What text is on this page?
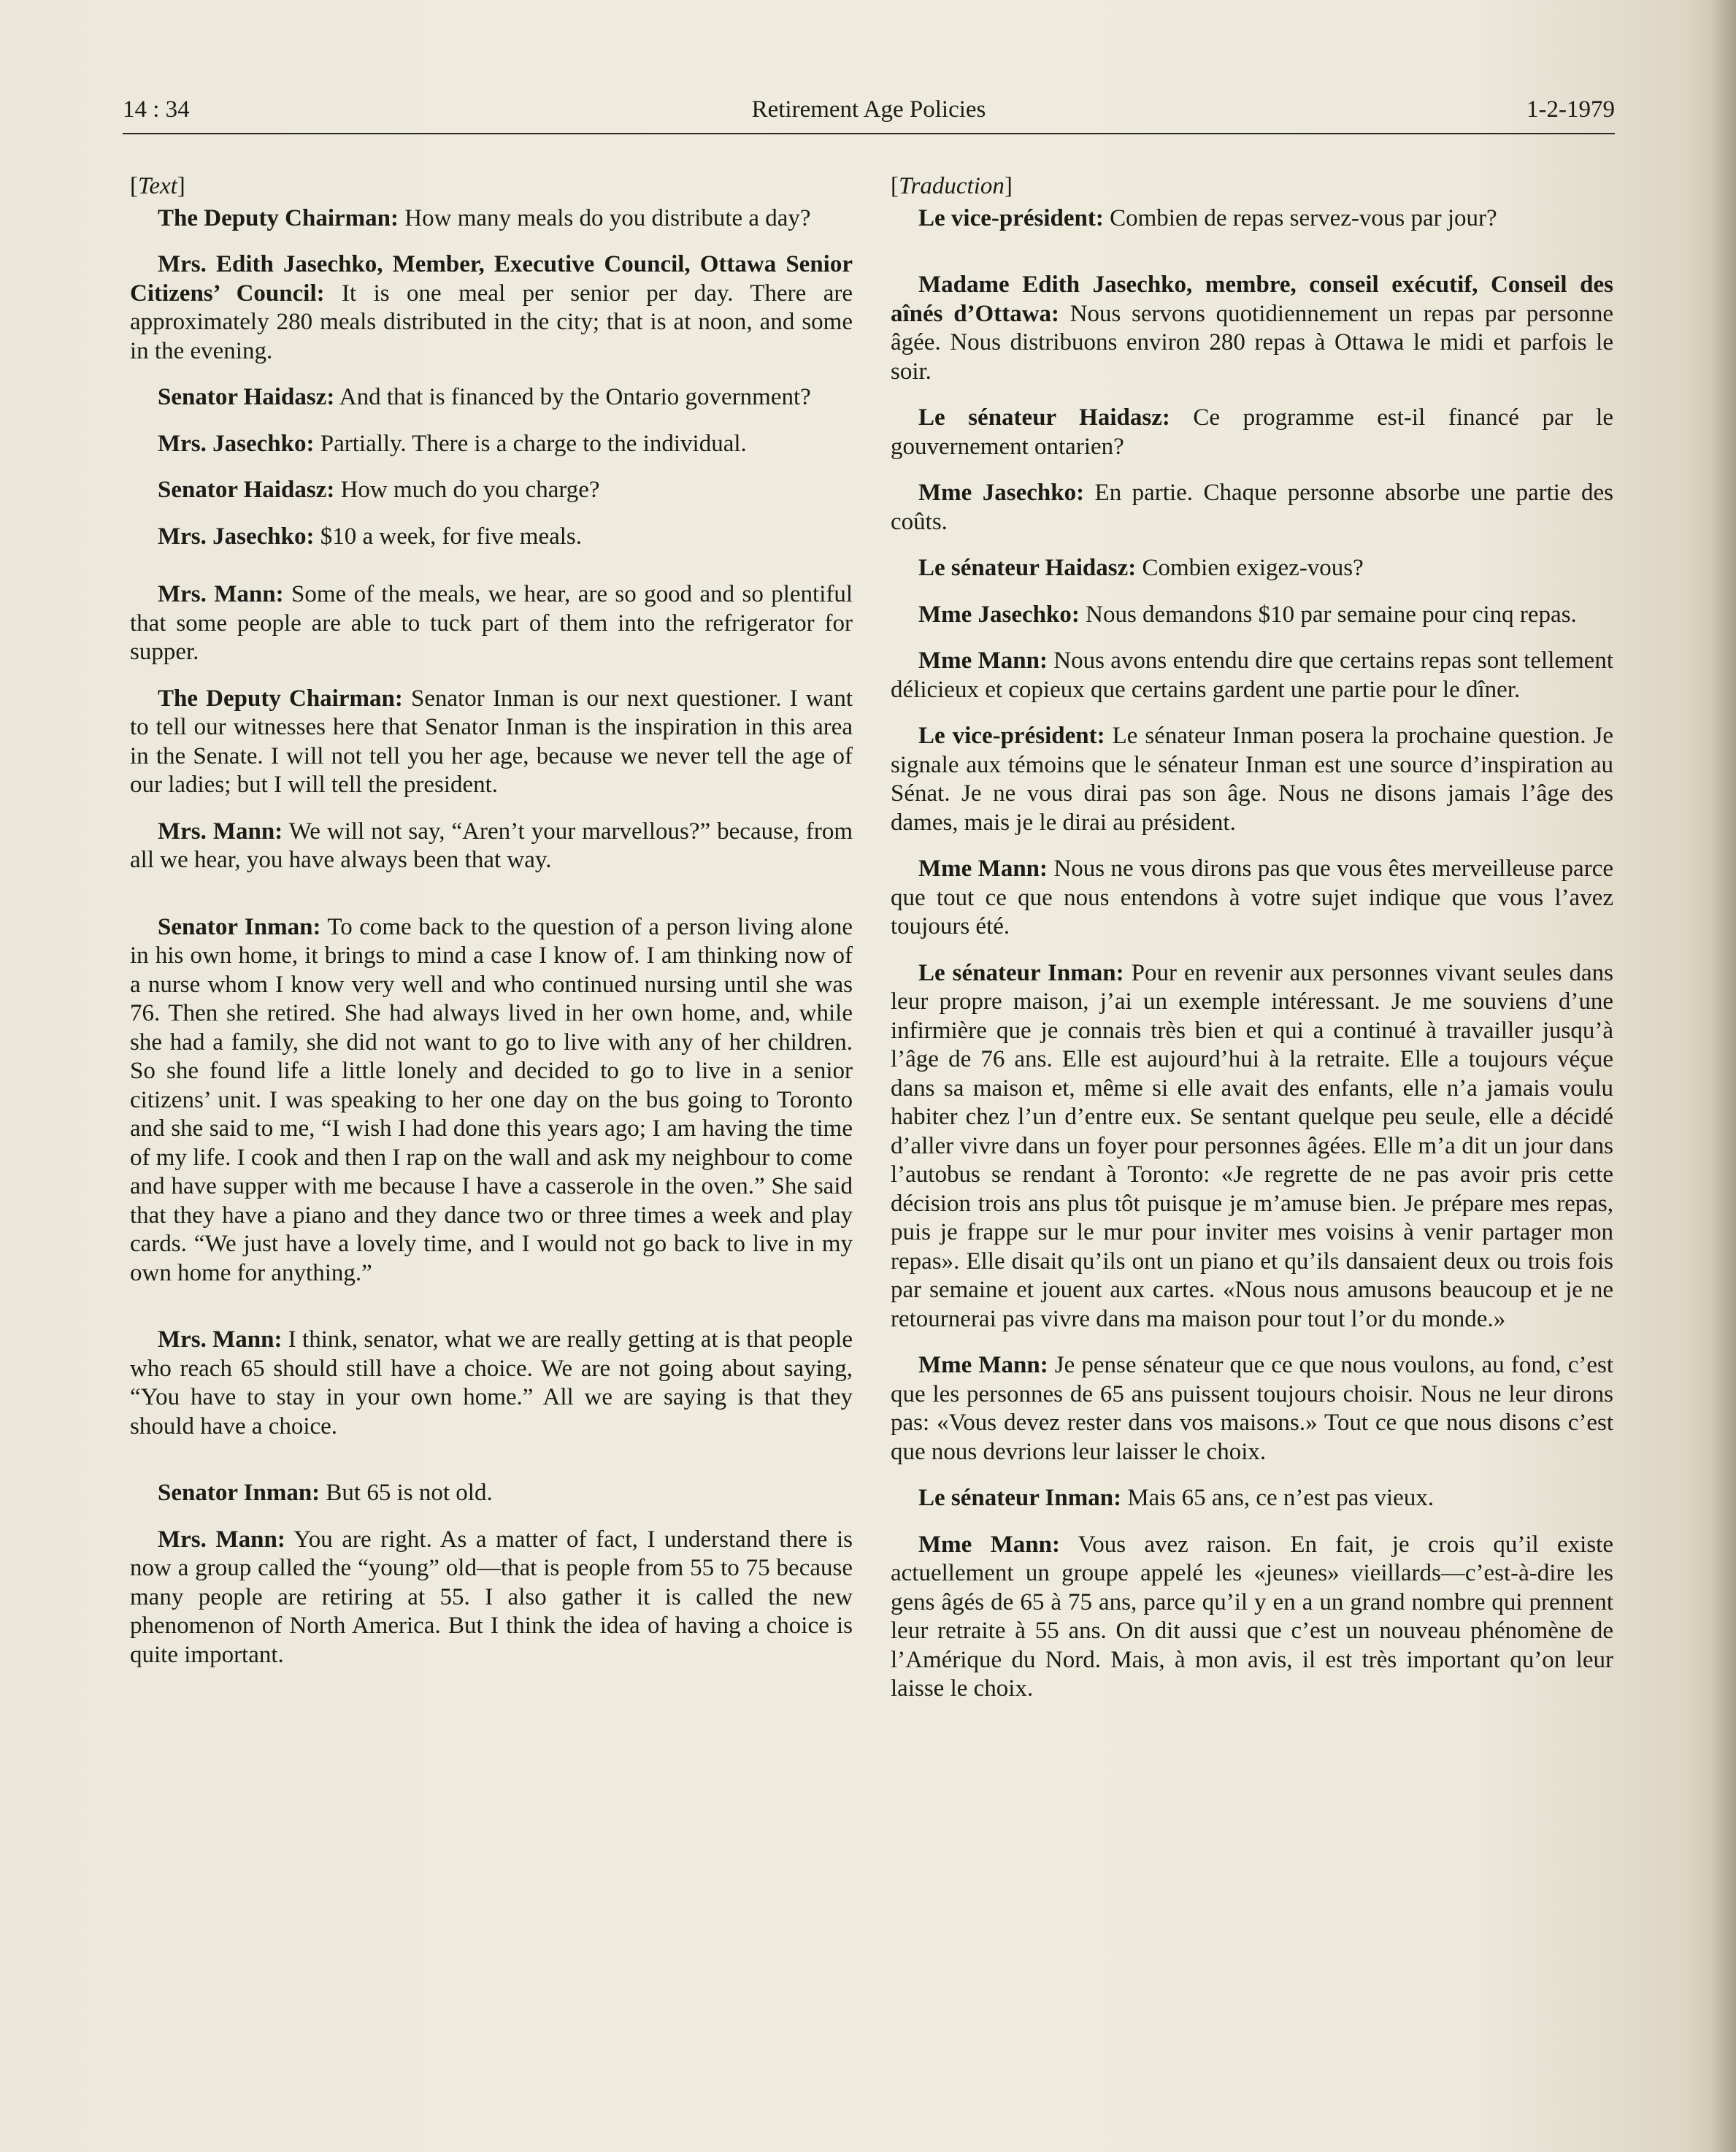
14 : 34	Retirement Age Policies	1-2-1979

[Text]

The Deputy Chairman: How many meals do you distribute a day?

Mrs. Edith Jasechko, Member, Executive Council, Ottawa Senior Citizens’ Council: It is one meal per senior per day. There are approximately 280 meals distributed in the city; that is at noon, and some in the evening.

Senator Haidasz: And that is financed by the Ontario government?

Mrs. Jasechko: Partially. There is a charge to the individual.

Senator Haidasz: How much do you charge?

Mrs. Jasechko: $10 a week, for five meals.

Mrs. Mann: Some of the meals, we hear, are so good and so plentiful that some people are able to tuck part of them into the refrigerator for supper.

The Deputy Chairman: Senator Inman is our next questioner. I want to tell our witnesses here that Senator Inman is the inspiration in this area in the Senate. I will not tell you her age, because we never tell the age of our ladies; but I will tell the president.

Mrs. Mann: We will not say, “Aren’t your marvellous?” because, from all we hear, you have always been that way.

Senator Inman: To come back to the question of a person living alone in his own home, it brings to mind a case I know of. I am thinking now of a nurse whom I know very well and who continued nursing until she was 76. Then she retired. She had always lived in her own home, and, while she had a family, she did not want to go to live with any of her children. So she found life a little lonely and decided to go to live in a senior citizens’ unit. I was speaking to her one day on the bus going to Toronto and she said to me, “I wish I had done this years ago; I am having the time of my life. I cook and then I rap on the wall and ask my neighbour to come and have supper with me because I have a casserole in the oven.” She said that they have a piano and they dance two or three times a week and play cards. “We just have a lovely time, and I would not go back to live in my own home for anything.”

Mrs. Mann: I think, senator, what we are really getting at is that people who reach 65 should still have a choice. We are not going about saying, “You have to stay in your own home.” All we are saying is that they should have a choice.

Senator Inman: But 65 is not old.

Mrs. Mann: You are right. As a matter of fact, I understand there is now a group called the “young” old—that is people from 55 to 75 because many people are retiring at 55. I also gather it is called the new phenomenon of North America. But I think the idea of having a choice is quite important.

[Traduction]

Le vice-président: Combien de repas servez-vous par jour?

Madame Edith Jasechko, membre, conseil exécutif, Conseil des aînés d’Ottawa: Nous servons quotidiennement un repas par personne âgée. Nous distribuons environ 280 repas à Ottawa le midi et parfois le soir.

Le sénateur Haidasz: Ce programme est-il financé par le gouvernement ontarien?

Mme Jasechko: En partie. Chaque personne absorbe une partie des coûts.

Le sénateur Haidasz: Combien exigez-vous?

Mme Jasechko: Nous demandons $10 par semaine pour cinq repas.

Mme Mann: Nous avons entendu dire que certains repas sont tellement délicieux et copieux que certains gardent une partie pour le dîner.

Le vice-président: Le sénateur Inman posera la prochaine question. Je signale aux témoins que le sénateur Inman est une source d’inspiration au Sénat. Je ne vous dirai pas son âge. Nous ne disons jamais l’âge des dames, mais je le dirai au président.

Mme Mann: Nous ne vous dirons pas que vous êtes merveilleuse parce que tout ce que nous entendons à votre sujet indique que vous l’avez toujours été.

Le sénateur Inman: Pour en revenir aux personnes vivant seules dans leur propre maison, j’ai un exemple intéressant. Je me souviens d’une infirmière que je connais très bien et qui a continué à travailler jusqu’à l’âge de 76 ans. Elle est aujourd’hui à la retraite. Elle a toujours véçue dans sa maison et, même si elle avait des enfants, elle n’a jamais voulu habiter chez l’un d’entre eux. Se sentant quelque peu seule, elle a décidé d’aller vivre dans un foyer pour personnes âgées. Elle m’a dit un jour dans l’autobus se rendant à Toronto: «Je regrette de ne pas avoir pris cette décision trois ans plus tôt puisque je m’amuse bien. Je prépare mes repas, puis je frappe sur le mur pour inviter mes voisins à venir partager mon repas». Elle disait qu’ils ont un piano et qu’ils dansaient deux ou trois fois par semaine et jouent aux cartes. «Nous nous amusons beaucoup et je ne retournerai pas vivre dans ma maison pour tout l’or du monde.»

Mme Mann: Je pense sénateur que ce que nous voulons, au fond, c’est que les personnes de 65 ans puissent toujours choisir. Nous ne leur dirons pas: «Vous devez rester dans vos maisons.» Tout ce que nous disons c’est que nous devrions leur laisser le choix.

Le sénateur Inman: Mais 65 ans, ce n’est pas vieux.

Mme Mann: Vous avez raison. En fait, je crois qu’il existe actuellement un groupe appelé les «jeunes» vieillards—c’est-à-dire les gens âgés de 65 à 75 ans, parce qu’il y en a un grand nombre qui prennent leur retraite à 55 ans. On dit aussi que c’est un nouveau phénomène de l’Amérique du Nord. Mais, à mon avis, il est très important qu’on leur laisse le choix.
